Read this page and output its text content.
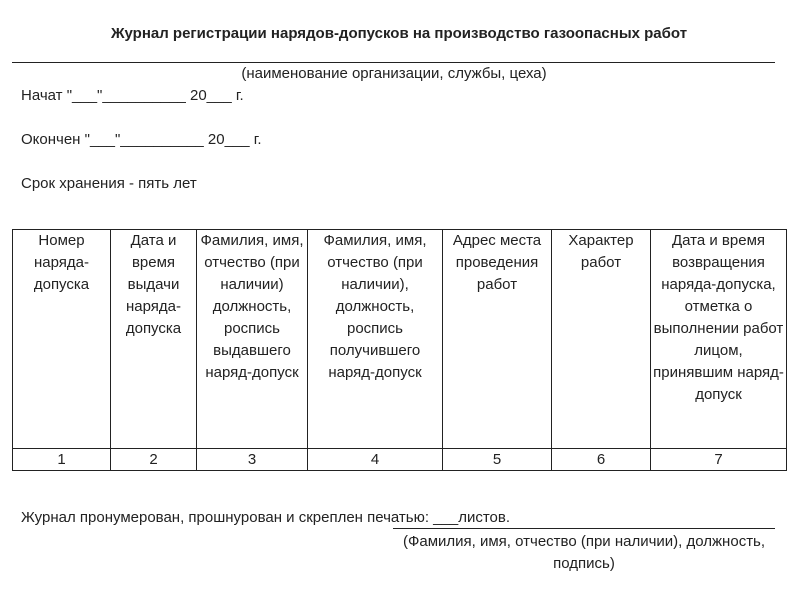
Журнал регистрации нарядов-допусков на производство газоопасных работ
(наименование организации, службы, цеха)
Начат "___"__________ 20___ г.
Окончен "___"__________ 20___ г.
Срок хранения - пять лет
Номер наряда-допуска	Дата и время выдачи наряда-допуска	Фамилия, имя, отчество (при наличии) должность, роспись выдавшего наряд-допуск	Фамилия, имя, отчество (при наличии), должность, роспись получившего наряд-допуск	Адрес места проведения работ	Характер работ	Дата и время возвращения наряда-допуска, отметка о выполнении работ лицом, принявшим наряд-допуск
1	2	3	4	5	6	7
Журнал пронумерован, прошнурован и скреплен печатью: ___листов.
(Фамилия, имя, отчество (при наличии), должность, подпись)
